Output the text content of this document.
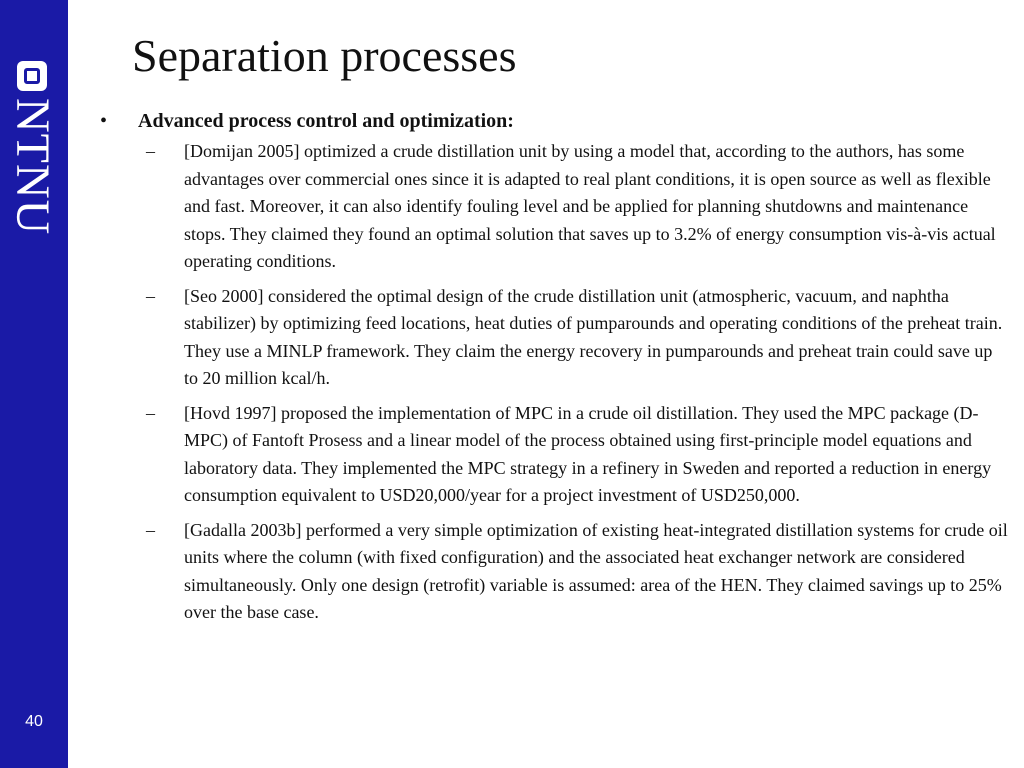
NTNU
40
Separation processes
• Advanced process control and optimization:
– [Domijan 2005] optimized a crude distillation unit by using a model that, according to the authors, has some advantages over commercial ones since it is adapted to real plant conditions, it is open source as well as flexible and fast. Moreover, it can also identify fouling level and be applied for planning shutdowns and maintenance stops. They claimed they found an optimal solution that saves up to 3.2% of energy consumption vis-à-vis actual operating conditions.
– [Seo 2000] considered the optimal design of the crude distillation unit (atmospheric, vacuum, and naphtha stabilizer) by optimizing feed locations, heat duties of pumparounds and operating conditions of the preheat train. They use a MINLP framework. They claim the energy recovery in pumparounds and preheat train could save up to 20 million kcal/h.
– [Hovd 1997] proposed the implementation of MPC in a crude oil distillation. They used the MPC package (D-MPC) of Fantoft Prosess and a linear model of the process obtained using first-principle model equations and laboratory data. They implemented the MPC strategy in a refinery in Sweden and reported a reduction in energy consumption equivalent to USD20,000/year for a project investment of USD250,000.
– [Gadalla 2003b] performed a very simple optimization of existing heat-integrated distillation systems for crude oil units where the column (with fixed configuration) and the associated heat exchanger network are considered simultaneously. Only one design (retrofit) variable is assumed: area of the HEN. They claimed savings up to 25% over the base case.
